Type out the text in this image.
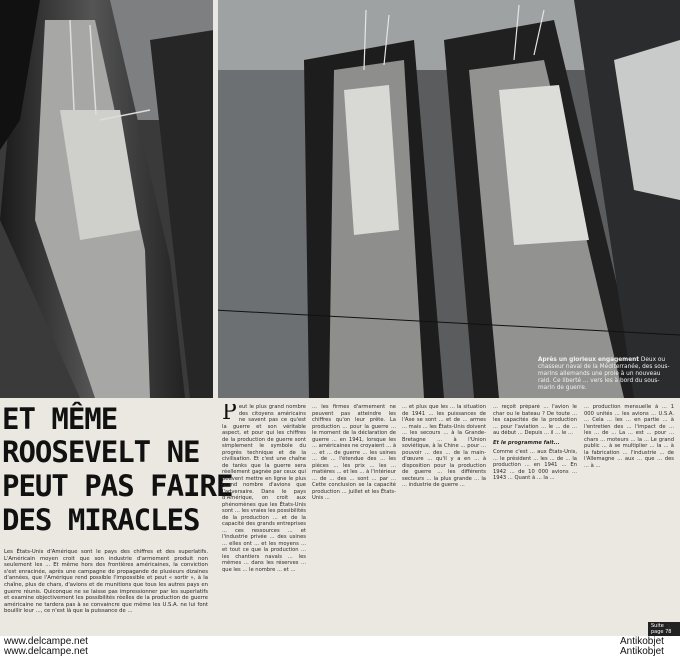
Après un glorieux engagement Deux ou chasseur naval de la Méditerranée, des sous-marins allemands une proie à un nouveau raid. Ce liberté ... vers les à bord du sous-marin de guerre.
ET MÊME
ROOSEVELT NE
PEUT PAS FAIRE
DES MIRACLES
Les États-Unis d'Amérique sont le pays des chiffres et des superlatifs. L'Américain moyen croit que son industrie d'armement produit non seulement les ... Et même hors des frontières américaines, la conviction s'est enracinée, après une campagne de propagande de plusieurs dizaines d'années, que l'Amérique rend possible l'impossible et peut « sortir », à la chaîne, plus de chars, d'avions et de munitions que tous les autres pays en guerre réunis. Quiconque ne se laisse pas impressionner par les superlatifs et examine objectivement les possibilités réelles de la production de guerre américaine ne tardera pas à se convaincre que même les U.S.A. ne lui font bouillir leur ..., ce n'est là que la puissance de ...
P eut le plus grand nombre des citoyens américains ne savent pas ce qu'est la guerre et son véritable aspect, et pour qui les chiffres de la production de guerre sont simplement le symbole du progrès technique et de la civilisation. Et c'est une chaîne de tanks que la guerre sera réellement gagnée par ceux qui peuvent mettre en ligne le plus grand nombre d'avions que l'adversaire. Dans le pays d'Amérique, on croit aux phénomènes que les États-Unis sont ... les vraies les possibilités de la production ... et de la capacité des grands entreprises ... ces ressources ... et l'industrie privée ... des usines ... elles ont ... et les moyens ... et tout ce que la production ... les chantiers navals ... les mêmes ... dans les réserves ... que les ... le nombre ... et ...
... les firmes d'armement ne peuvent pas atteindre les chiffres qu'on leur prête. La production ... pour la guerre ... le moment de la déclaration de guerre ... en 1941, lorsque les ... américaines ne croyaient ... à ... et ... de guerre ... les usines ... de ... l'étendue des ... les pièces ... les prix ... les ... matières ... et les ... à l'intérieur ... de ... des ... sont ... par ... Cette conclusion se la capacité production ... juillet et les États-Unis ...
... et plus que les ... la situation de 1941 ... les puissances de l'Axe se sont ... et de ... armes ... mais ... les États-Unis doivent ... les secours ... à la Grande-Bretagne ... à l'Union soviétique, à la Chine ... pour ... pouvoir ... des ... de la main-d'œuvre ... qu'il y a en ... à disposition pour la production de guerre ... les différents secteurs ... la plus grande ... la ... industrie de guerre ...

... reçoit préparé ... l'avion le char ou le bateau ? De toute ... les capacités de la production ... pour l'aviation ... le ... de ... au début ... Depuis ... il ... le ...

Et le programme fait...

Comme c'est ... aux États-Unis, ... le président ... les ... de ... la production ... en 1941 ... En 1942 ... de 10 000 avions ... 1943 ... Quant à ... la ...

... production mensuelle à ... 1 000 unités ... les avions ... U.S.A. ... Cela ... les ... en partie ... à l'entretien des ... l'impact de ... les ... de ... La ... est ... pour ... chars ... moteurs ... la ... Le grand public ... à se multiplier ... la ... à la fabrication ... l'industrie ... de l'Allemagne ... aux ... que ... des ... à ...
Suite page 78
3
www.delcampe.net
www.delcampe.net
Antikobjet
Antikobjet
